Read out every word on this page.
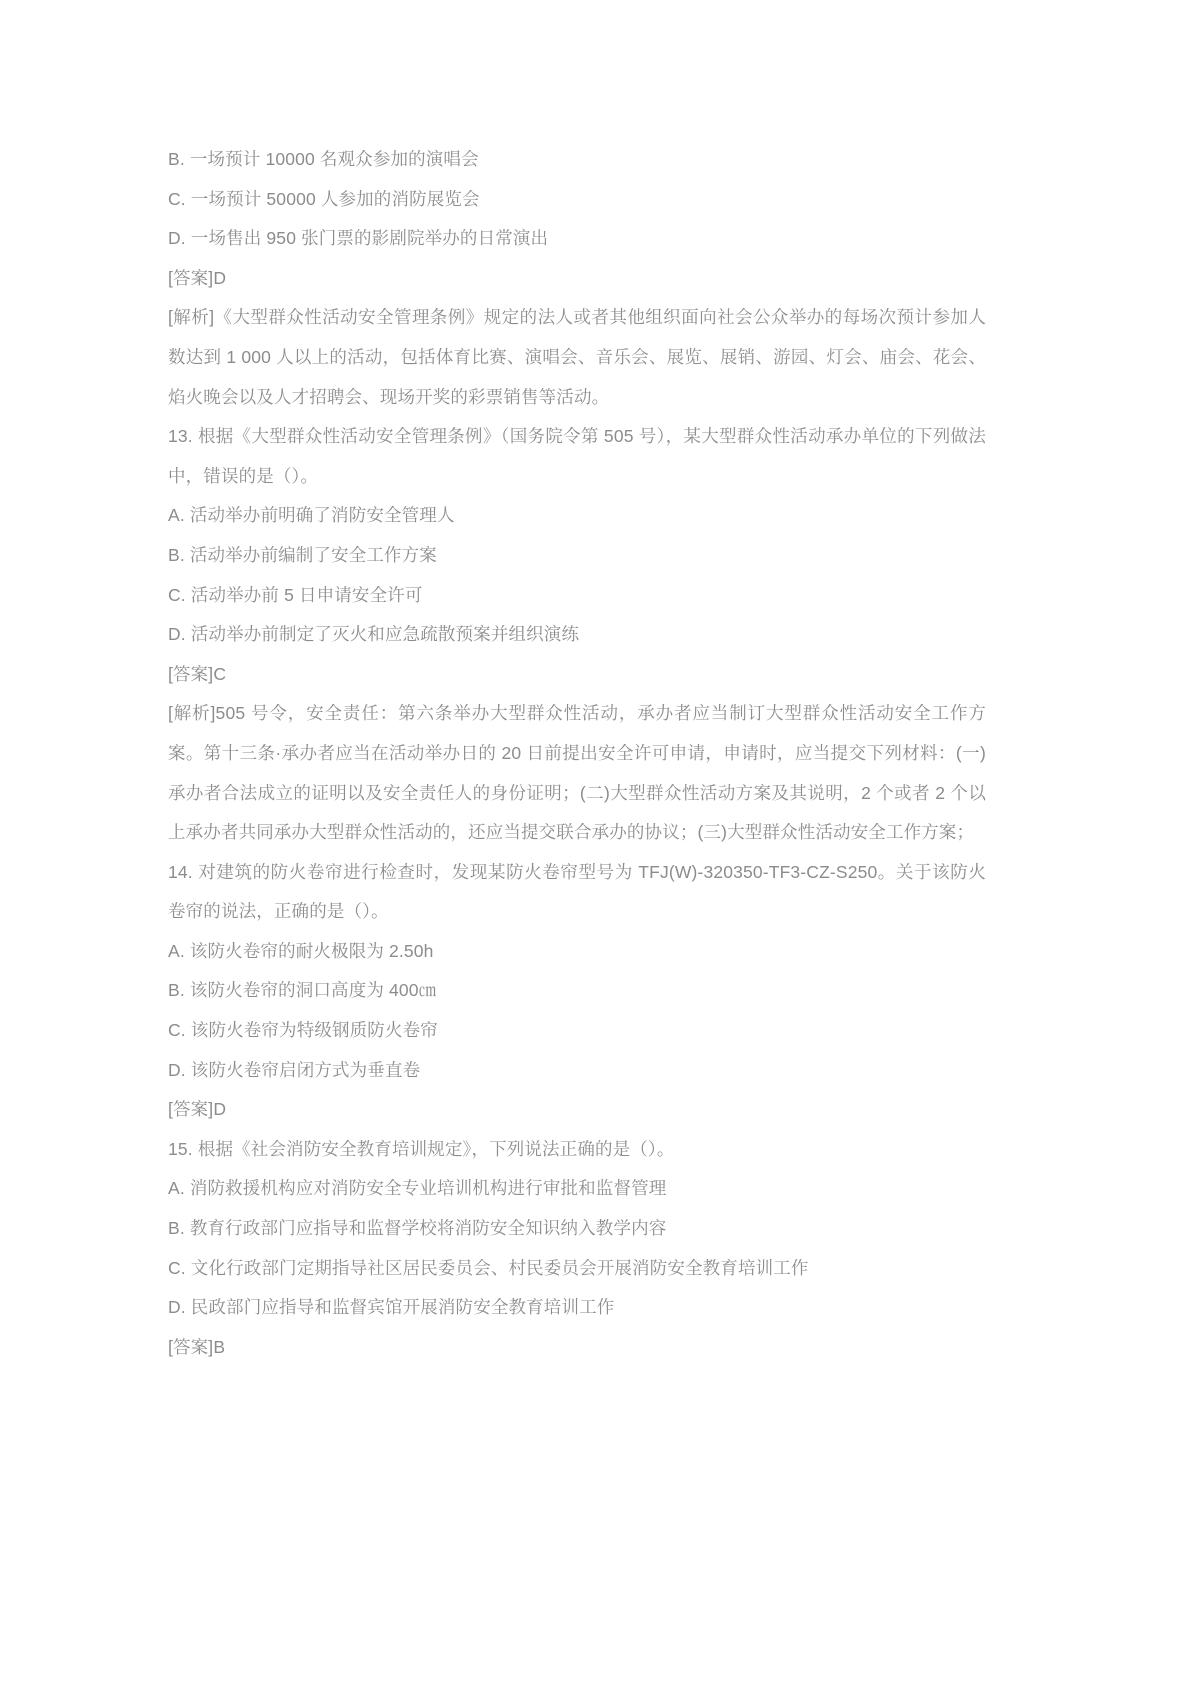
B. 一场预计 10000 名观众参加的演唱会

C. 一场预计 50000 人参加的消防展览会

D. 一场售出 950 张门票的影剧院举办的日常演出

[答案]D

[解析]《大型群众性活动安全管理条例》规定的法人或者其他组织面向社会公众举办的每场次预计参加人数达到 1 000 人以上的活动，包括体育比赛、演唱会、音乐会、展览、展销、游园、灯会、庙会、花会、焰火晚会以及人才招聘会、现场开奖的彩票销售等活动。

13. 根据《大型群众性活动安全管理条例》（国务院令第 505 号），某大型群众性活动承办单位的下列做法中，错误的是（）。

A. 活动举办前明确了消防安全管理人

B. 活动举办前编制了安全工作方案

C. 活动举办前 5 日申请安全许可

D. 活动举办前制定了灭火和应急疏散预案并组织演练

[答案]C

[解析]505 号令，安全责任：第六条举办大型群众性活动，承办者应当制订大型群众性活动安全工作方案。第十三条·承办者应当在活动举办日的 20 日前提出安全许可申请，申请时，应当提交下列材料：(一)承办者合法成立的证明以及安全责任人的身份证明；(二)大型群众性活动方案及其说明，2 个或者 2 个以上承办者共同承办大型群众性活动的，还应当提交联合承办的协议；(三)大型群众性活动安全工作方案；

14. 对建筑的防火卷帘进行检查时，发现某防火卷帘型号为 TFJ(W)-320350-TF3-CZ-S250。关于该防火卷帘的说法，正确的是（）。

A. 该防火卷帘的耐火极限为 2.50h

B. 该防火卷帘的洞口高度为 400㎝

C. 该防火卷帘为特级钢质防火卷帘

D. 该防火卷帘启闭方式为垂直卷

[答案]D

15. 根据《社会消防安全教育培训规定》，下列说法正确的是（）。

A. 消防救援机构应对消防安全专业培训机构进行审批和监督管理

B. 教育行政部门应指导和监督学校将消防安全知识纳入教学内容

C. 文化行政部门定期指导社区居民委员会、村民委员会开展消防安全教育培训工作

D. 民政部门应指导和监督宾馆开展消防安全教育培训工作

[答案]B
